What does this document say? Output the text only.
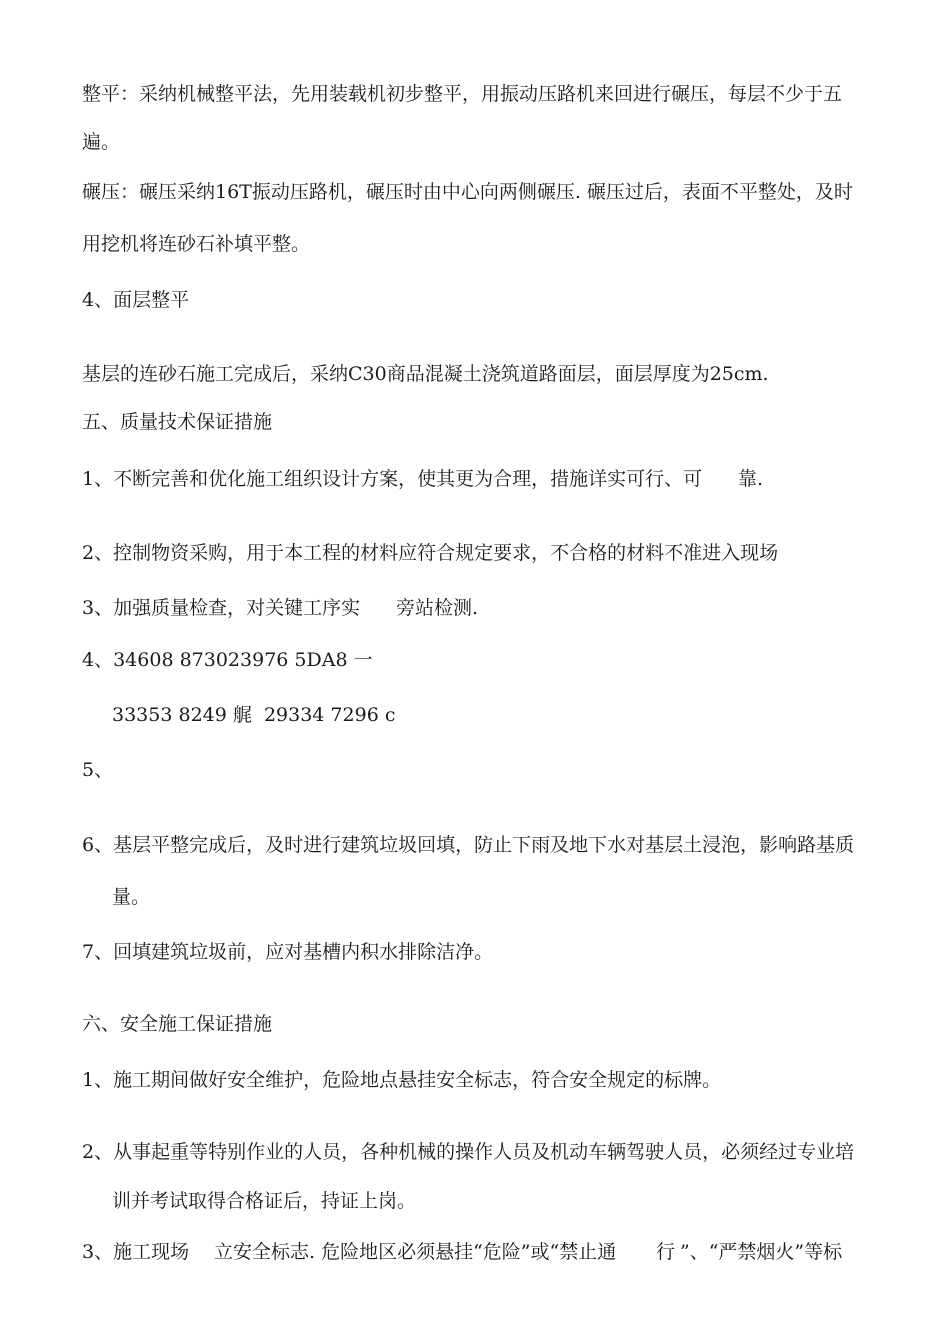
整平：采纳机械整平法，先用装载机初步整平，用振动压路机来回进行碾压，每层不少于五
遍。
碾压：碾压采纳16T振动压路机，碾压时由中心向两侧碾压. 碾压过后，表面不平整处，及时
用挖机将连砂石补填平整。
4、面层整平
基层的连砂石施工完成后，采纳C30商品混凝土浇筑道路面层，面层厚度为25cm.
五、质量技术保证措施
1、不断完善和优化施工组织设计方案，使其更为合理，措施详实可行、可 靠.
2、控制物资采购，用于本工程的材料应符合规定要求，不合格的材料不准进入现场
3、加强质量检查，对关键工序实 旁站检测.
4、34608 873023976 5DA8 一
33353 8249 艉  29334 7296 c
5、
6、基层平整完成后，及时进行建筑垃圾回填，防止下雨及地下水对基层土浸泡，影响路基质
量。
7、回填建筑垃圾前，应对基槽内积水排除洁净。
六、安全施工保证措施
1、施工期间做好安全维护，危险地点悬挂安全标志，符合安全规定的标牌。
2、从事起重等特别作业的人员，各种机械的操作人员及机动车辆驾驶人员，必须经过专业培
训并考试取得合格证后，持证上岗。
3、施工现场 立安全标志. 危险地区必须悬挂“危险”或“禁止通 行 ”、“严禁烟火”等标
